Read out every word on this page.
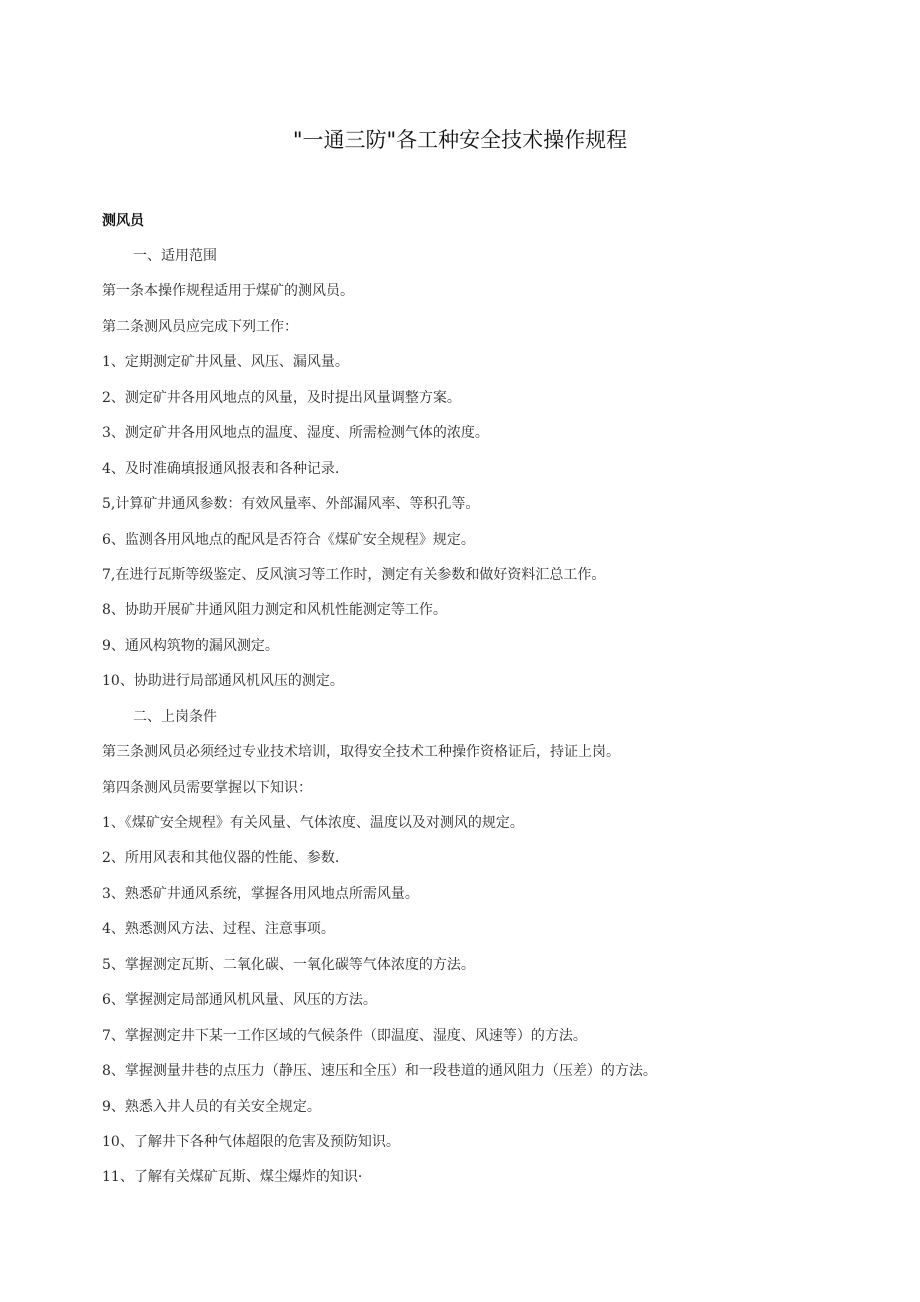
"一通三防"各工种安全技术操作规程
测风员
一、适用范围
第一条本操作规程适用于煤矿的测风员。
第二条测风员应完成下列工作：
1、定期测定矿井风量、风压、漏风量。
2、测定矿井各用风地点的风量，及时提出风量调整方案。
3、测定矿井各用风地点的温度、湿度、所需检测气体的浓度。
4、及时准确填报通风报表和各种记录.
5,计算矿井通风参数：有效风量率、外部漏风率、等积孔等。
6、监测各用风地点的配风是否符合《煤矿安全规程》规定。
7,在进行瓦斯等级鉴定、反风演习等工作时，测定有关参数和做好资料汇总工作。
8、协助开展矿井通风阻力测定和风机性能测定等工作。
9、通风构筑物的漏风测定。
10、协助进行局部通风机风压的测定。
二、上岗条件
第三条测风员必须经过专业技术培训，取得安全技术工种操作资格证后，持证上岗。
第四条测风员需要掌握以下知识：
1、《煤矿安全规程》有关风量、气体浓度、温度以及对测风的规定。
2、所用风表和其他仪器的性能、参数.
3、熟悉矿井通风系统，掌握各用风地点所需风量。
4、熟悉测风方法、过程、注意事项。
5、掌握测定瓦斯、二氧化碳、一氧化碳等气体浓度的方法。
6、掌握测定局部通风机风量、风压的方法。
7、掌握测定井下某一工作区域的气候条件（即温度、湿度、风速等）的方法。
8、掌握测量井巷的点压力（静压、速压和全压）和一段巷道的通风阻力（压差）的方法。
9、熟悉入井人员的有关安全规定。
10、了解井下各种气体超限的危害及预防知识。
11、了解有关煤矿瓦斯、煤尘爆炸的知识·
